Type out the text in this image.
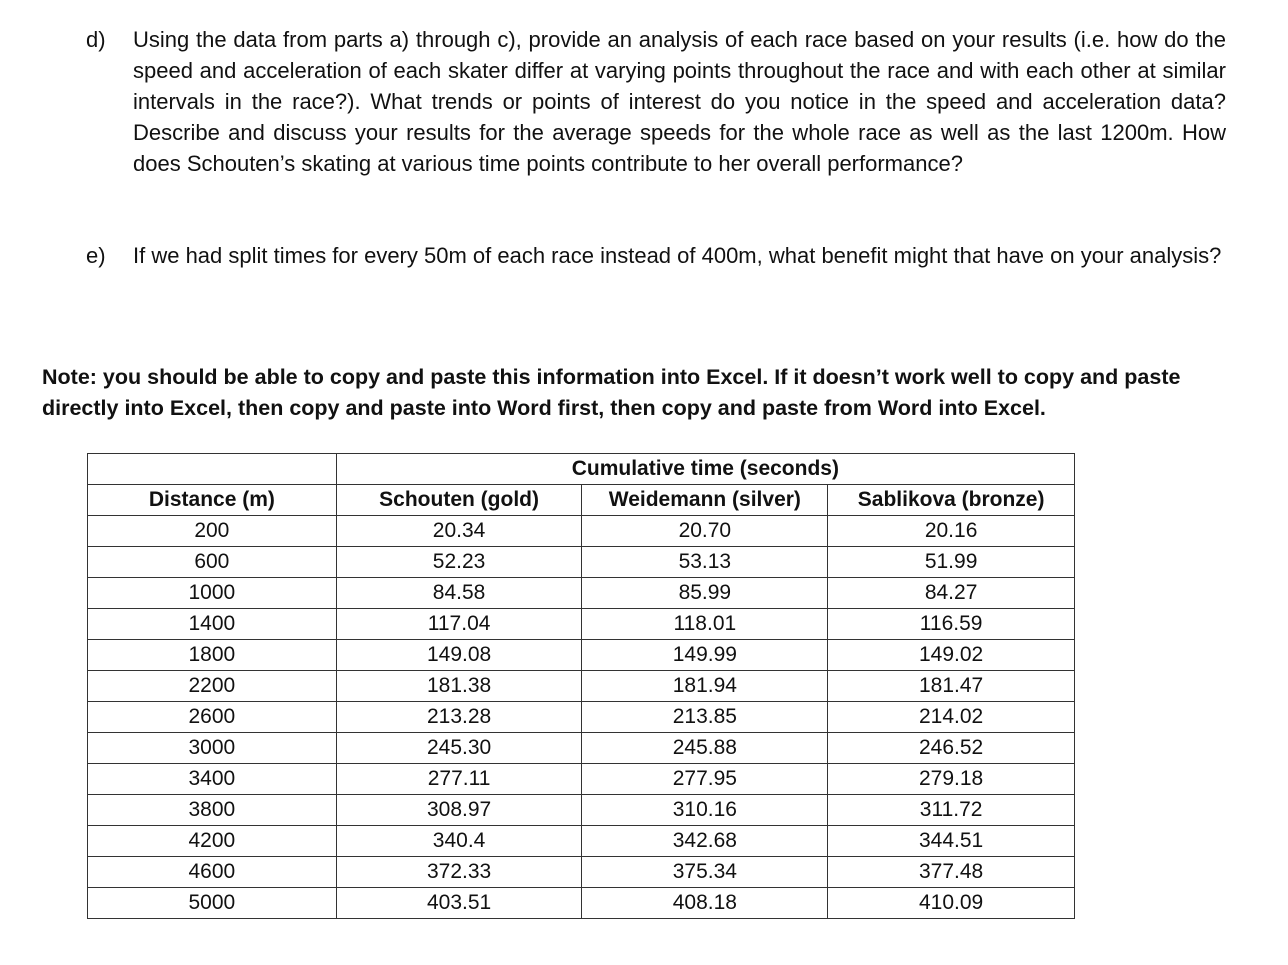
d) Using the data from parts a) through c), provide an analysis of each race based on your results (i.e. how do the speed and acceleration of each skater differ at varying points throughout the race and with each other at similar intervals in the race?). What trends or points of interest do you notice in the speed and acceleration data? Describe and discuss your results for the average speeds for the whole race as well as the last 1200m. How does Schouten’s skating at various time points contribute to her overall performance?
e) If we had split times for every 50m of each race instead of 400m, what benefit might that have on your analysis?
Note: you should be able to copy and paste this information into Excel. If it doesn’t work well to copy and paste directly into Excel, then copy and paste into Word first, then copy and paste from Word into Excel.
	Cumulative time (seconds)		
Distance (m)	Schouten (gold)	Weidemann (silver)	Sablikova (bronze)
200	20.34	20.70	20.16
600	52.23	53.13	51.99
1000	84.58	85.99	84.27
1400	117.04	118.01	116.59
1800	149.08	149.99	149.02
2200	181.38	181.94	181.47
2600	213.28	213.85	214.02
3000	245.30	245.88	246.52
3400	277.11	277.95	279.18
3800	308.97	310.16	311.72
4200	340.4	342.68	344.51
4600	372.33	375.34	377.48
5000	403.51	408.18	410.09
